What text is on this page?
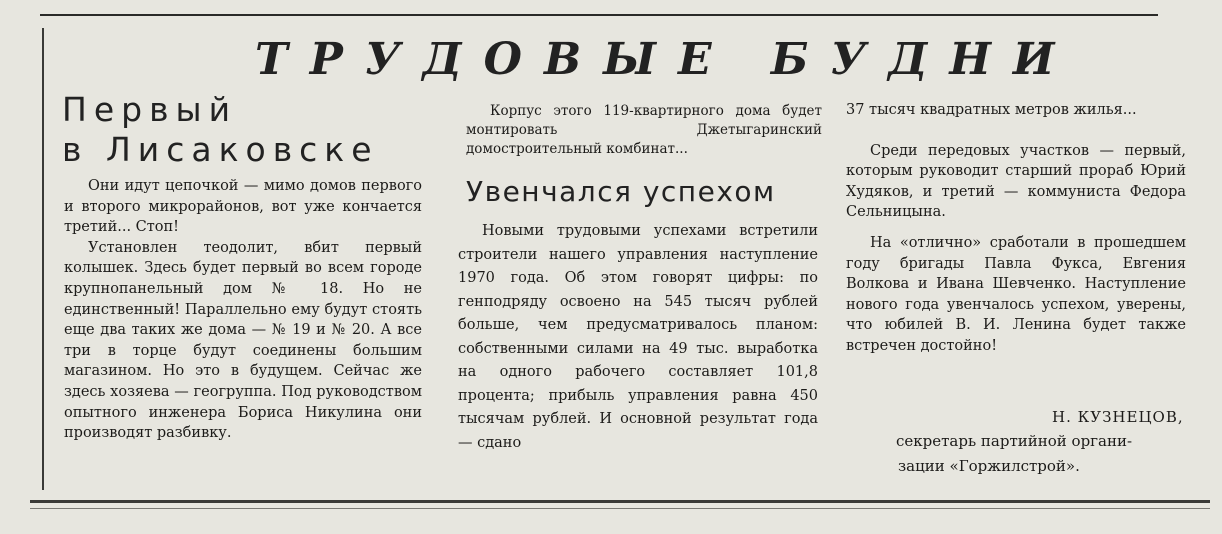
ТРУДОВЫЕ БУДНИ
Первый
в Лисаковске

Они идут цепочкой — мимо домов первого и второго микрорайонов, вот уже кончается третий... Стоп!

Установлен теодолит, вбит первый колышек. Здесь будет первый во всем городе крупнопанельный дом № 18. Но не единственный! Параллельно ему будут стоять еще два таких же дома — № 19 и № 20. А все три в торце будут соединены большим магазином. Но это в будущем. Сейчас же здесь хозяева — геогруппа. Под руководством опытного инженера Бориса Никулина они производят разбивку.

Корпус этого 119-квартирного дома будет монтировать Джетыгаринский домостроительный комбинат...

Увенчался успехом

Новыми трудовыми успехами встретили строители нашего управления наступление 1970 года. Об этом говорят цифры: по генподряду освоено на 545 тысяч рублей больше, чем предусматривалось планом: собственными силами на 49 тыс. выработка на одного рабочего составляет 101,8 процента; прибыль управления равна 450 тысячам рублей. И основной результат года — сдано

37 тысяч квадратных метров жилья...

Среди передовых участков — первый, которым руководит старший прораб Юрий Худяков, и третий — коммуниста Федора Сельницына.

На «отлично» сработали в прошедшем году бригады Павла Фукса, Евгения Волкова и Ивана Шевченко. Наступление нового года увенчалось успехом, уверены, что юбилей В. И. Ленина будет также встречен достойно!

Н. КУЗНЕЦОВ,
секретарь партийной органи-
зации «Горжилстрой».
